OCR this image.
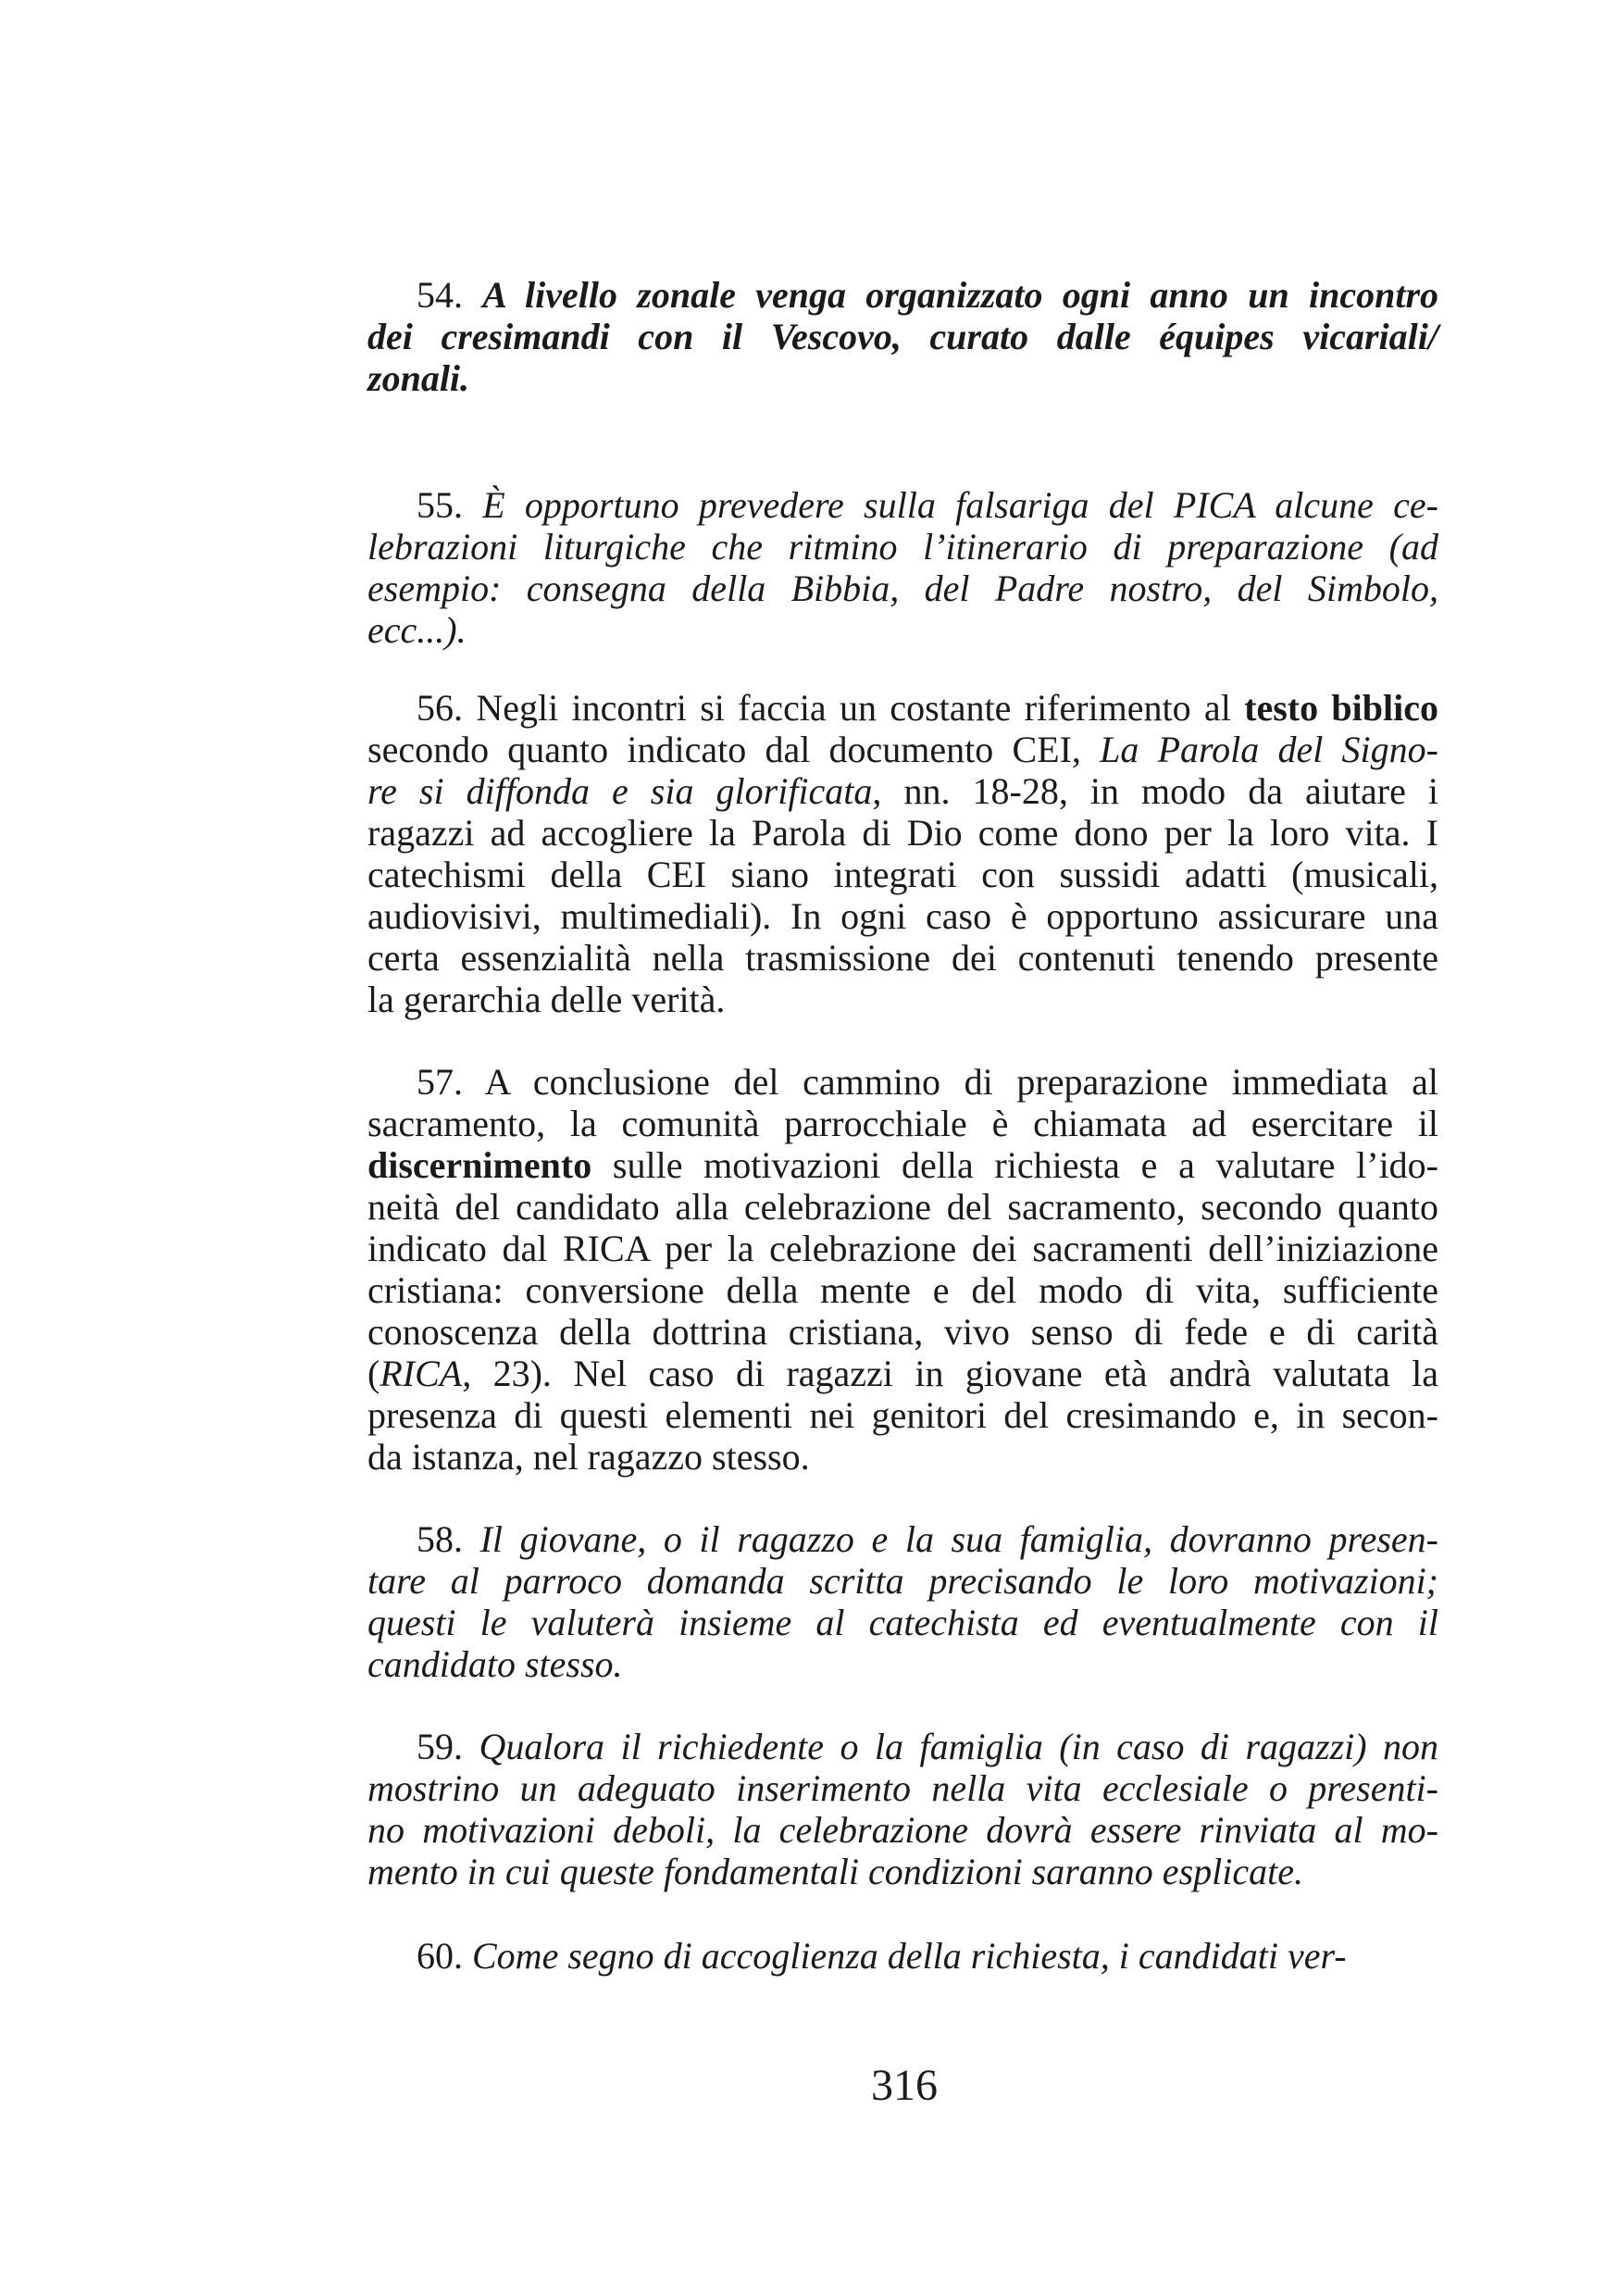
54. A livello zonale venga organizzato ogni anno un incontro
dei cresimandi con il Vescovo, curato dalle équipes vicariali/
zonali.
55. È opportuno prevedere sulla falsariga del PICA alcune ce-
lebrazioni liturgiche che ritmino l’itinerario di preparazione (ad
esempio: consegna della Bibbia, del Padre nostro, del Simbolo,
ecc...).
56. Negli incontri si faccia un costante riferimento al testo biblico
secondo quanto indicato dal documento CEI, La Parola del Signo-
re si diffonda e sia glorificata, nn. 18-28, in modo da aiutare i
ragazzi ad accogliere la Parola di Dio come dono per la loro vita. I
catechismi della CEI siano integrati con sussidi adatti (musicali,
audiovisivi, multimediali). In ogni caso è opportuno assicurare una
certa essenzialità nella trasmissione dei contenuti tenendo presente
la gerarchia delle verità.
57. A conclusione del cammino di preparazione immediata al
sacramento, la comunità parrocchiale è chiamata ad esercitare il
discernimento sulle motivazioni della richiesta e a valutare l’ido-
neità del candidato alla celebrazione del sacramento, secondo quanto
indicato dal RICA per la celebrazione dei sacramenti dell’iniziazione
cristiana: conversione della mente e del modo di vita, sufficiente
conoscenza della dottrina cristiana, vivo senso di fede e di carità
(RICA, 23). Nel caso di ragazzi in giovane età andrà valutata la
presenza di questi elementi nei genitori del cresimando e, in secon-
da istanza, nel ragazzo stesso.
58. Il giovane, o il ragazzo e la sua famiglia, dovranno presen-
tare al parroco domanda scritta precisando le loro motivazioni;
questi le valuterà insieme al catechista ed eventualmente con il
candidato stesso.
59. Qualora il richiedente o la famiglia (in caso di ragazzi) non
mostrino un adeguato inserimento nella vita ecclesiale o presenti-
no motivazioni deboli, la celebrazione dovrà essere rinviata al mo-
mento in cui queste fondamentali condizioni saranno esplicate.
60. Come segno di accoglienza della richiesta, i candidati ver-
316
